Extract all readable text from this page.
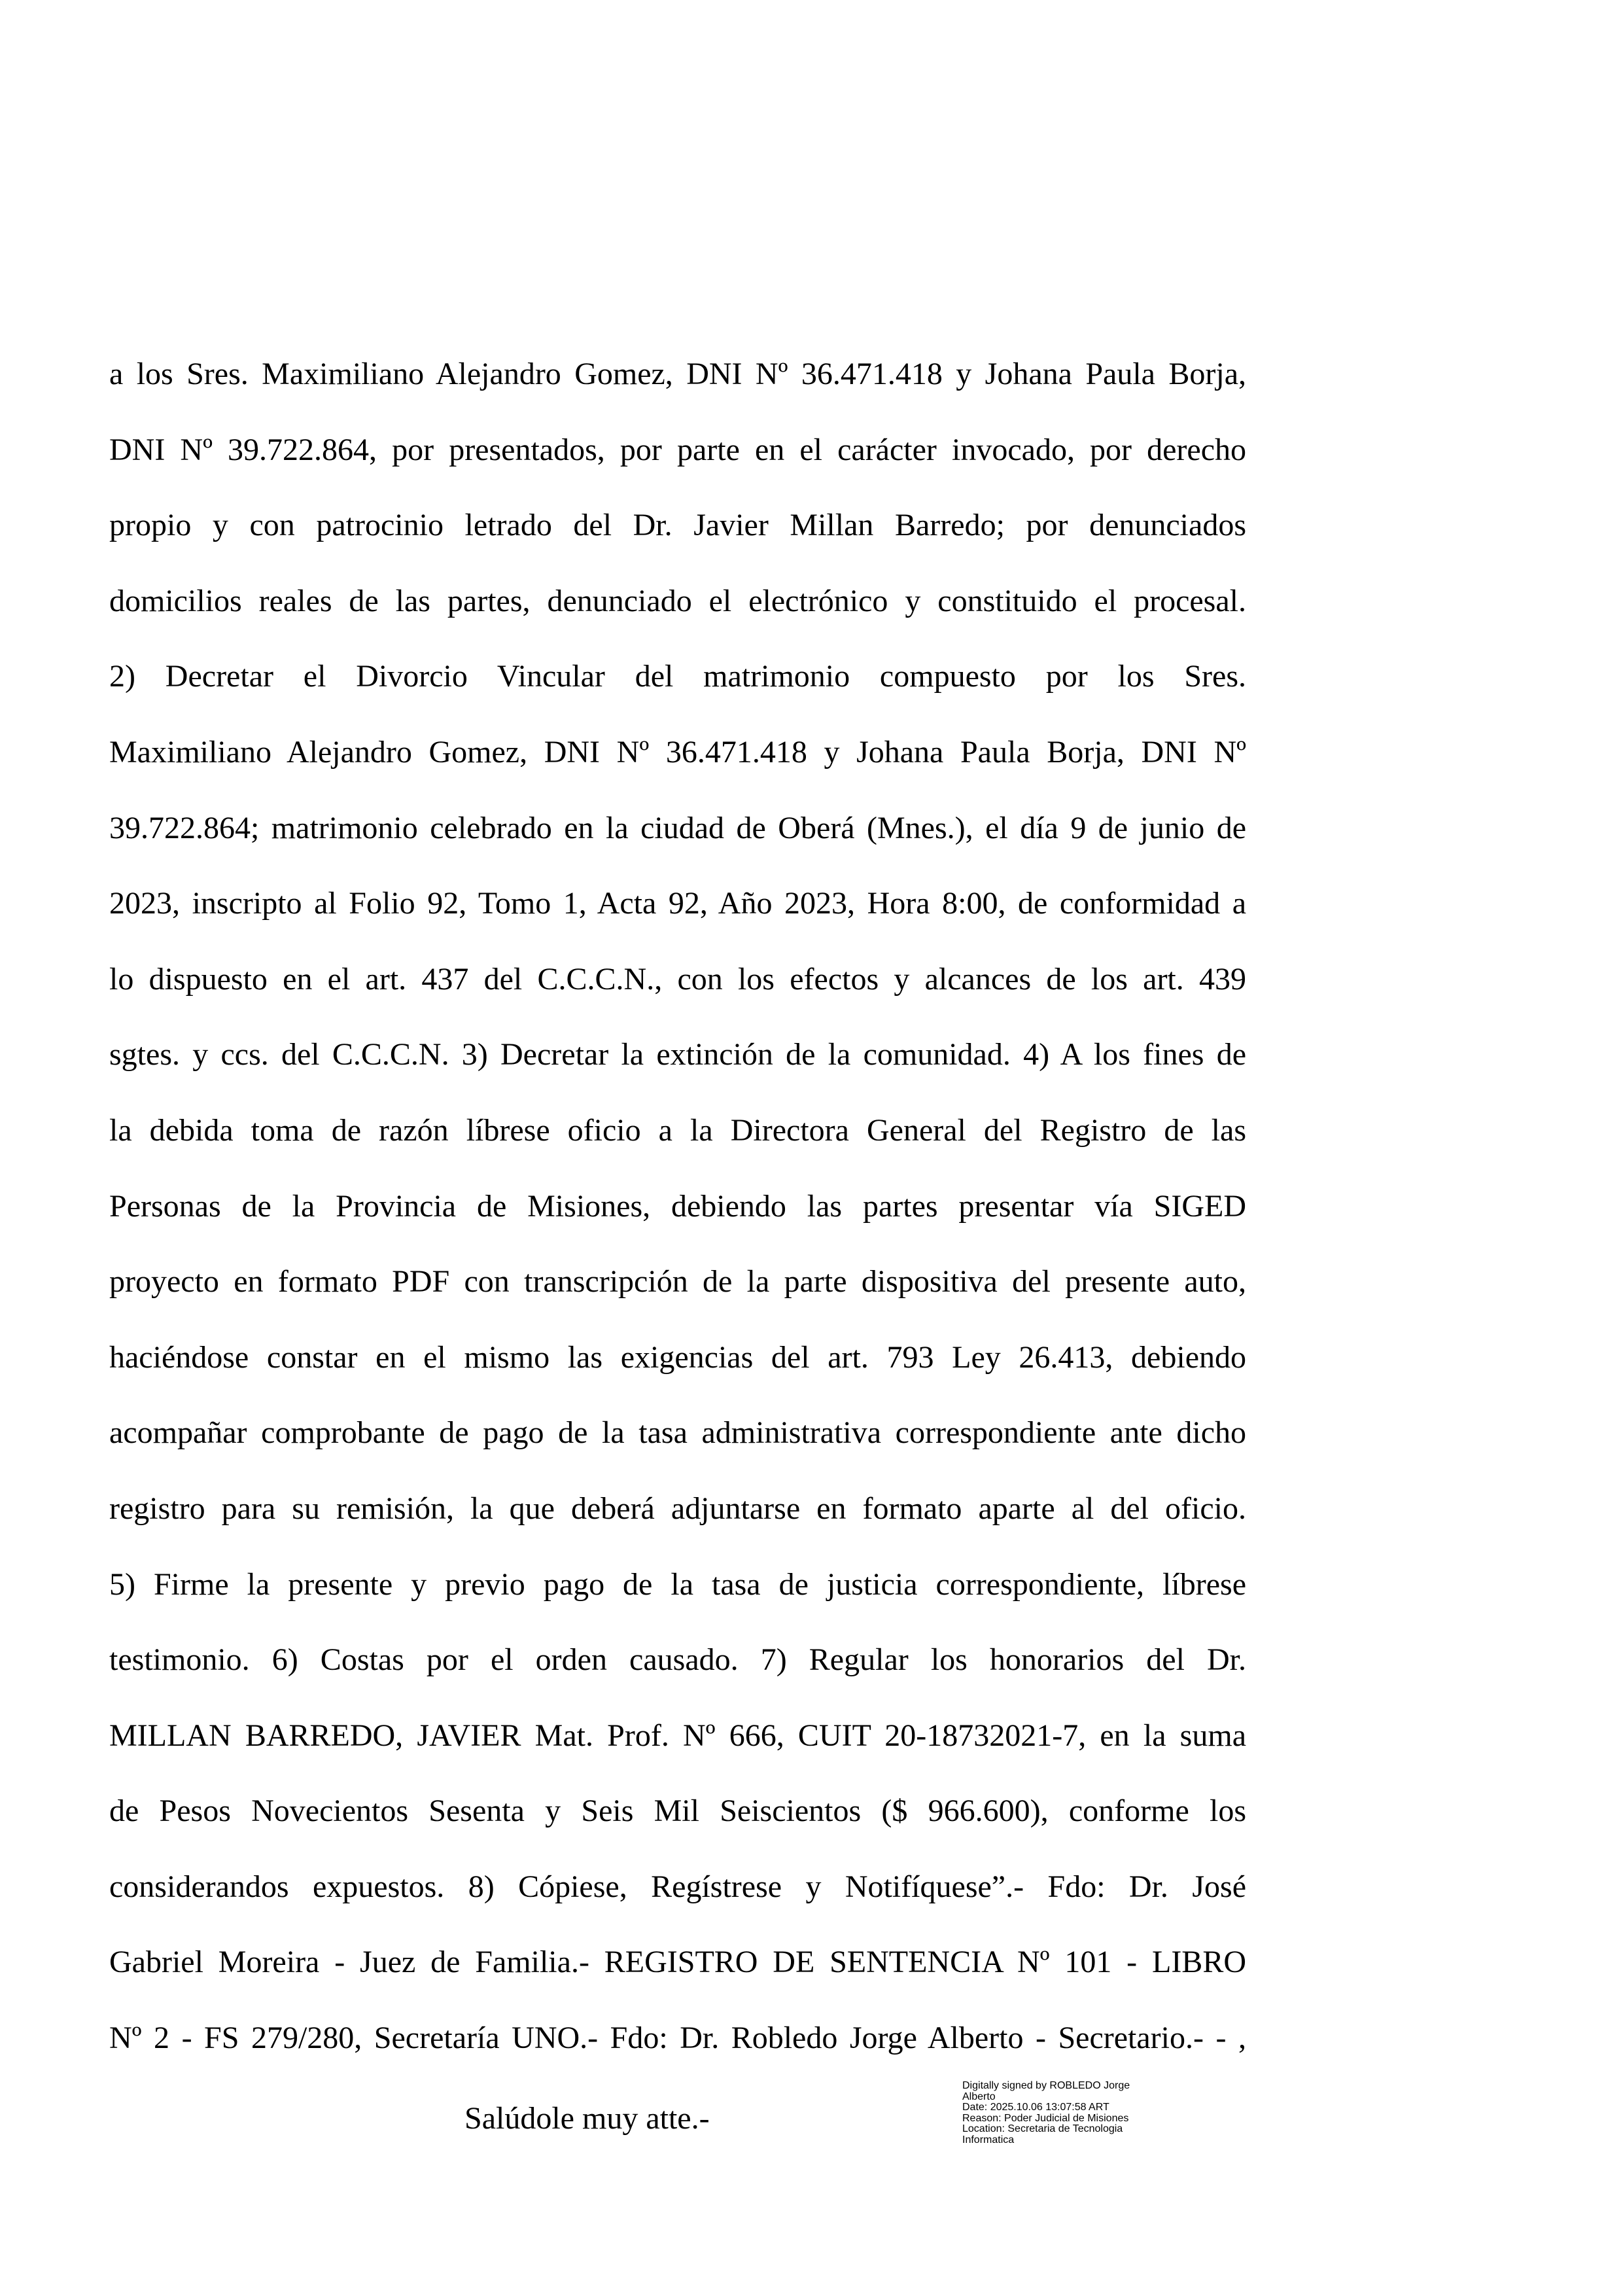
a los Sres. Maximiliano Alejandro Gomez, DNI Nº 36.471.418 y Johana Paula Borja,
DNI Nº 39.722.864, por presentados, por parte en el carácter invocado, por derecho
propio y con patrocinio letrado del Dr. Javier Millan Barredo; por denunciados
domicilios reales de las partes, denunciado el electrónico y constituido el procesal.
2) Decretar el Divorcio Vincular del matrimonio compuesto por los Sres.
Maximiliano Alejandro Gomez, DNI Nº 36.471.418 y Johana Paula Borja, DNI Nº
39.722.864; matrimonio celebrado en la ciudad de Oberá (Mnes.), el día 9 de junio de
2023, inscripto al Folio 92, Tomo 1, Acta 92, Año 2023, Hora 8:00, de conformidad a
lo dispuesto en el art. 437 del C.C.C.N., con los efectos y alcances de los art. 439
sgtes. y ccs. del C.C.C.N. 3) Decretar la extinción de la comunidad. 4) A los fines de
la debida toma de razón líbrese oficio a la Directora General del Registro de las
Personas de la Provincia de Misiones, debiendo las partes presentar vía SIGED
proyecto en formato PDF con transcripción de la parte dispositiva del presente auto,
haciéndose constar en el mismo las exigencias del art. 793 Ley 26.413, debiendo
acompañar comprobante de pago de la tasa administrativa correspondiente ante dicho
registro para su remisión, la que deberá adjuntarse en formato aparte al del oficio.
5) Firme la presente y previo pago de la tasa de justicia correspondiente, líbrese
testimonio. 6) Costas por el orden causado. 7) Regular los honorarios del Dr.
MILLAN BARREDO, JAVIER Mat. Prof. Nº 666, CUIT 20-18732021-7, en la suma
de Pesos Novecientos Sesenta y Seis Mil Seiscientos ($ 966.600), conforme los
considerandos expuestos. 8) Cópiese, Regístrese y Notifíquese”.- Fdo: Dr. José
Gabriel Moreira - Juez de Familia.- REGISTRO DE SENTENCIA Nº 101 - LIBRO
Nº 2 - FS 279/280, Secretaría UNO.- Fdo: Dr. Robledo Jorge Alberto - Secretario.- - ,
Salúdole muy atte.-
Digitally signed by ROBLEDO Jorge
Alberto
Date: 2025.10.06 13:07:58 ART
Reason: Poder Judicial de Misiones
Location: Secretaria de Tecnologia
Informatica
